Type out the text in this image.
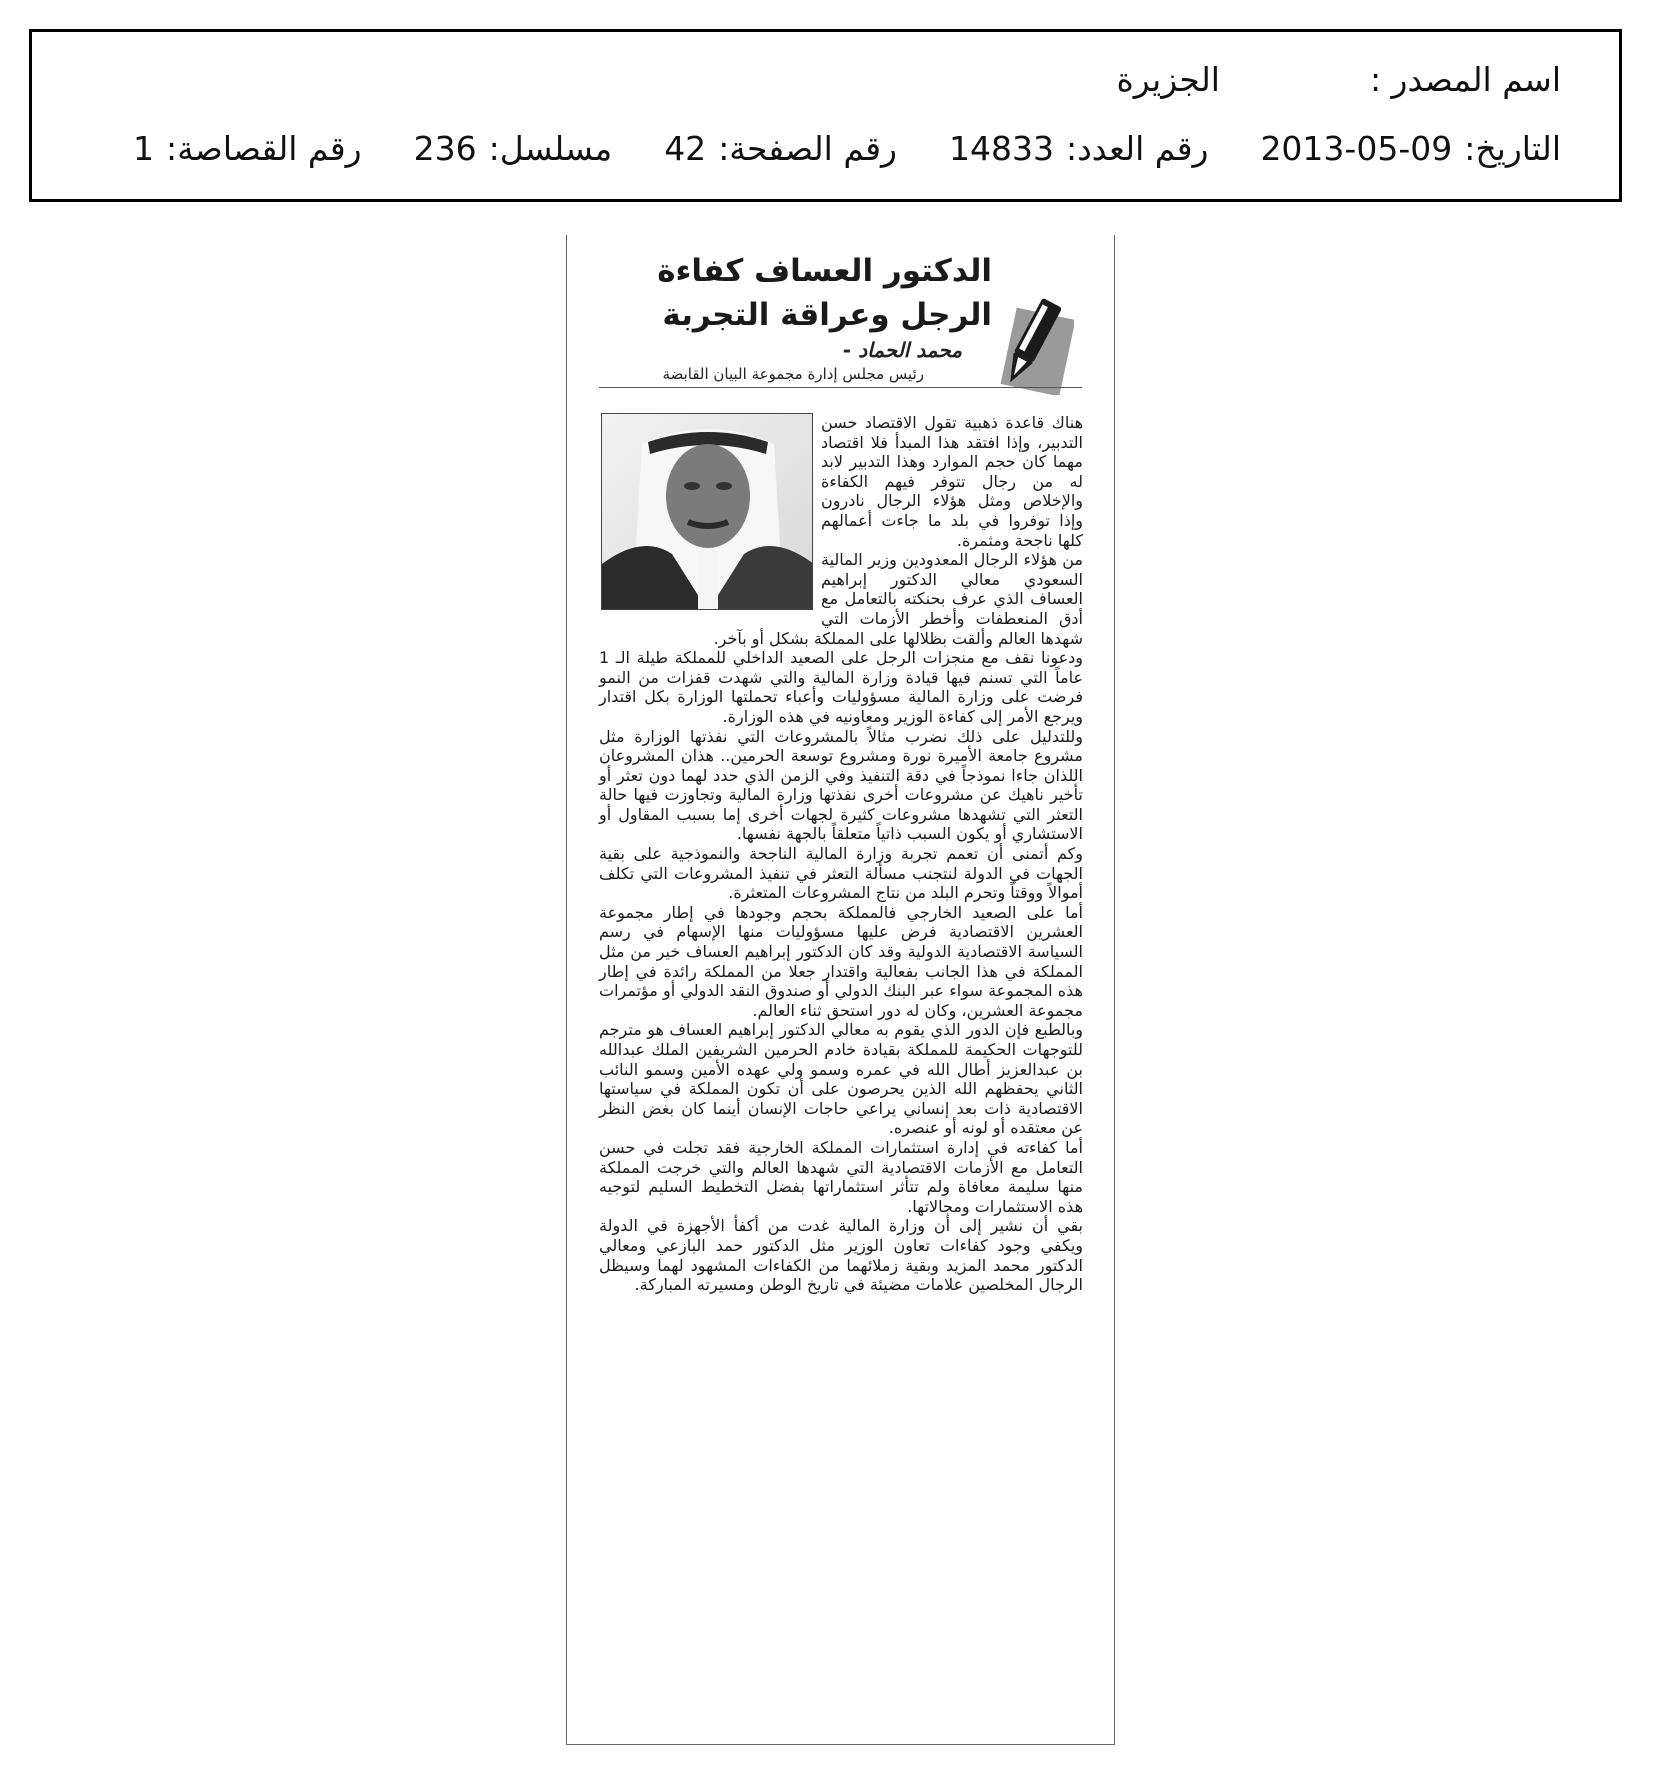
اسم المصدر :
الجزيرة
التاريخ:2013-05-09
رقم العدد:14833
رقم الصفحة:42
مسلسل:236
رقم القصاصة:1
الدكتور العساف كفاءة الرجل وعراقة التجربة
محمد الحماد -
رئيس مجلس إدارة مجموعة البيان القابضة

هناك قاعدة ذهبية تقول الاقتصاد حسن التدبير، وإذا افتقد هذا المبدأ فلا اقتصاد مهما كان حجم الموارد وهذا التدبير لابد له من رجال تتوفر فيهم الكفاءة والإخلاص ومثل هؤلاء الرجال نادرون وإذا توفروا في بلد ما جاءت أعمالهم كلها ناجحة ومثمرة.

من هؤلاء الرجال المعدودين وزير المالية السعودي معالي الدكتور إبراهيم العساف الذي عرف بحنكته بالتعامل مع أدق المنعطفات وأخطر الأزمات التي شهدها العالم وألقت بظلالها على المملكة بشكل أو بآخر.

ودعونا نقف مع منجزات الرجل على الصعيد الداخلي للمملكة طيلة الـ 1 عاماً التي تسنم فيها قيادة وزارة المالية والتي شهدت قفزات من النمو فرضت على وزارة المالية مسؤوليات وأعباء تحملتها الوزارة بكل اقتدار ويرجع الأمر إلى كفاءة الوزير ومعاونيه في هذه الوزارة.

وللتدليل على ذلك نضرب مثالاً بالمشروعات التي نفذتها الوزارة مثل مشروع جامعة الأميرة نورة ومشروع توسعة الحرمين.. هذان المشروعان اللذان جاءا نموذجاً في دقة التنفيذ وفي الزمن الذي حدد لهما دون تعثر أو تأخير ناهيك عن مشروعات أخرى نفذتها وزارة المالية وتجاوزت فيها حالة التعثر التي تشهدها مشروعات كثيرة لجهات أخرى إما بسبب المقاول أو الاستشاري أو يكون السبب ذاتياً متعلقاً بالجهة نفسها.

وكم أتمنى أن تعمم تجربة وزارة المالية الناجحة والنموذجية على بقية الجهات في الدولة لنتجنب مسألة التعثر في تنفيذ المشروعات التي تكلف أموالاً ووقتاً وتحرم البلد من نتاج المشروعات المتعثرة.

أما على الصعيد الخارجي فالمملكة بحجم وجودها في إطار مجموعة العشرين الاقتصادية فرض عليها مسؤوليات منها الإسهام في رسم السياسة الاقتصادية الدولية وقد كان الدكتور إبراهيم العساف خير من مثل المملكة في هذا الجانب بفعالية واقتدار جعلا من المملكة رائدة في إطار هذه المجموعة سواء عبر البنك الدولي أو صندوق النقد الدولي أو مؤتمرات مجموعة العشرين، وكان له دور استحق ثناء العالم.

وبالطبع فإن الدور الذي يقوم به معالي الدكتور إبراهيم العساف هو مترجم للتوجهات الحكيمة للمملكة بقيادة خادم الحرمين الشريفين الملك عبدالله بن عبدالعزيز أطال الله في عمره وسمو ولي عهده الأمين وسمو النائب الثاني يحفظهم الله الذين يحرصون على أن تكون المملكة في سياستها الاقتصادية ذات بعد إنساني يراعي حاجات الإنسان أينما كان بغض النظر عن معتقده أو لونه أو عنصره.

أما كفاءته في إدارة استثمارات المملكة الخارجية فقد تجلت في حسن التعامل مع الأزمات الاقتصادية التي شهدها العالم والتي خرجت المملكة منها سليمة معافاة ولم تتأثر استثماراتها بفضل التخطيط السليم لتوجيه هذه الاستثمارات ومجالاتها.

بقي أن نشير إلى أن وزارة المالية غدت من أكفأ الأجهزة في الدولة ويكفي وجود كفاءات تعاون الوزير مثل الدكتور حمد البازعي ومعالي الدكتور محمد المزيد وبقية زملائهما من الكفاءات المشهود لهما وسيظل الرجال المخلصين علامات مضيئة في تاريخ الوطن ومسيرته المباركة.
